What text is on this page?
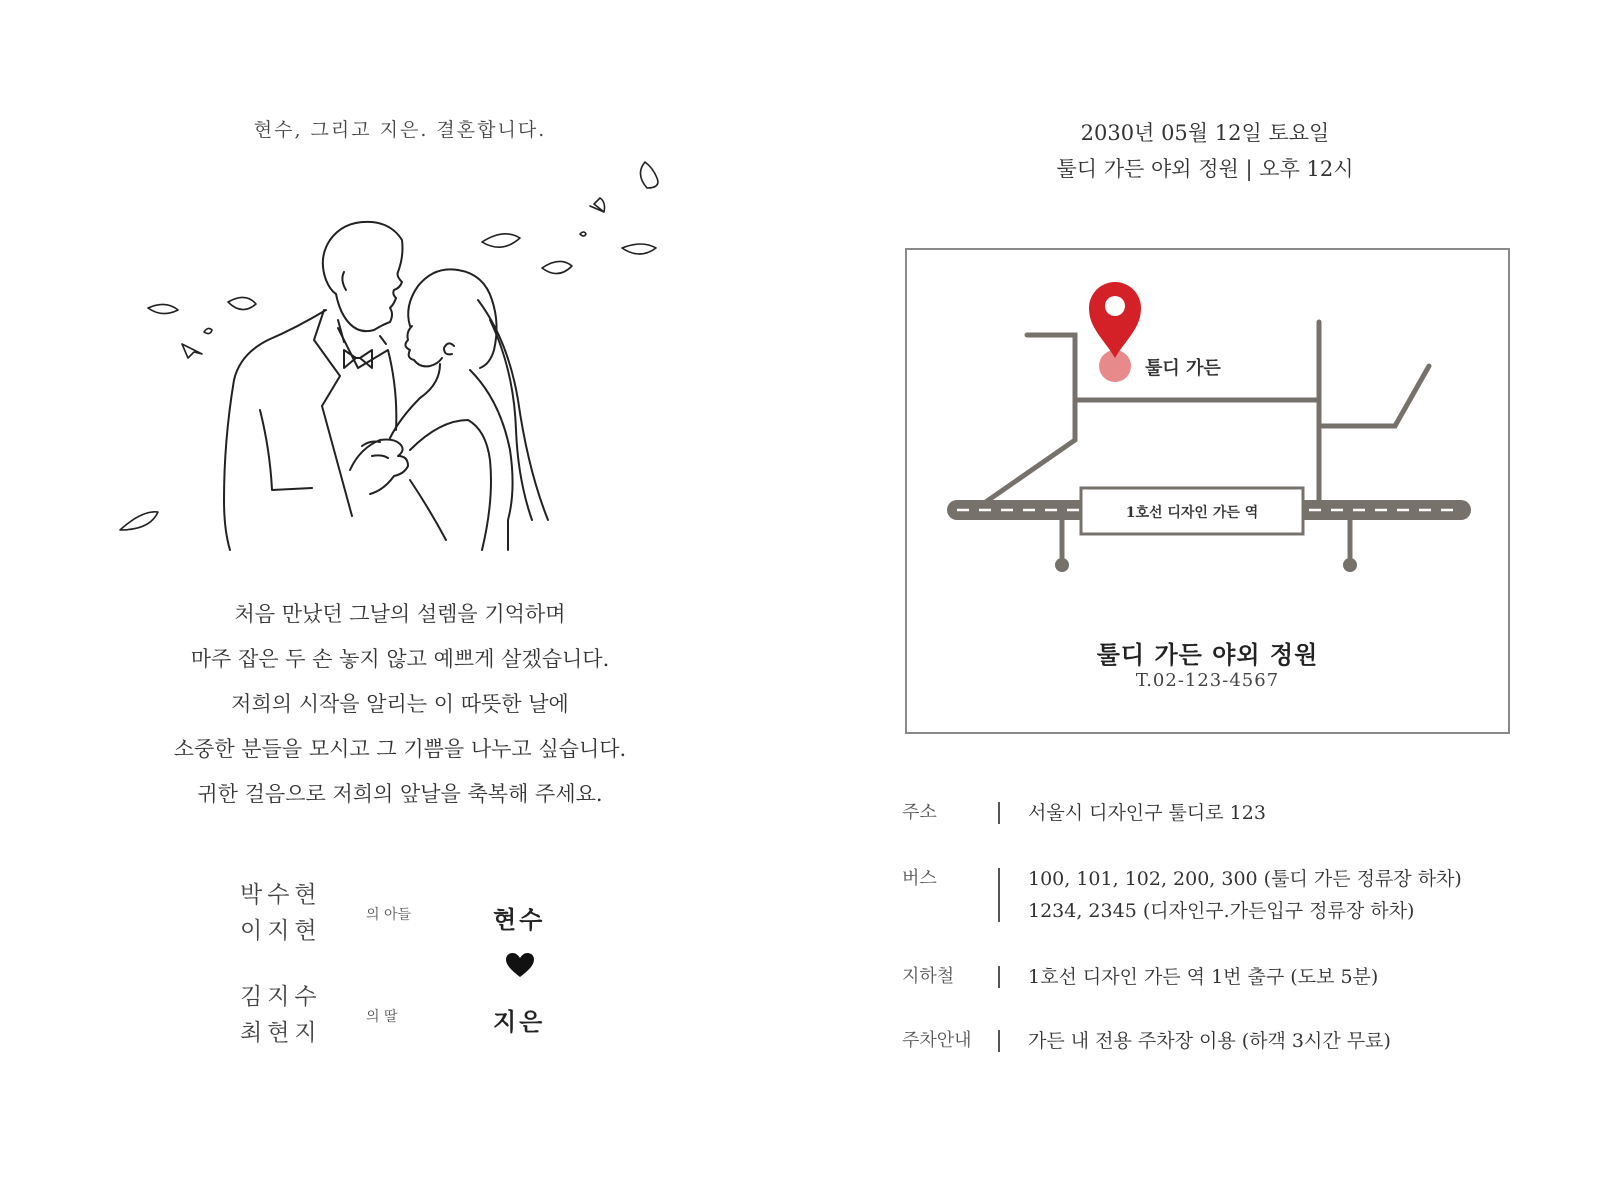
현수, 그리고 지은. 결혼합니다.
처음 만났던 그날의 설렘을 기억하며
마주 잡은 두 손 놓지 않고 예쁘게 살겠습니다.
저희의 시작을 알리는 이 따뜻한 날에
소중한 분들을 모시고 그 기쁨을 나누고 싶습니다.
귀한 걸음으로 저희의 앞날을 축복해 주세요.
박수현
이지현
의 아들	현수
김지수
최현지
의 딸	지은
2030년 05월 12일 토요일
툴디 가든 야외 정원 | 오후 12시
1호선 디자인 가든 역
툴디 가든
툴디 가든 야외 정원
T.02-123-4567
주소	서울시 디자인구 툴디로 123
버스	100, 101, 102, 200, 300 (툴디 가든 정류장 하차)
1234, 2345 (디자인구.가든입구 정류장 하차)
지하철	1호선 디자인 가든 역 1번 출구 (도보 5분)
주차안내	가든 내 전용 주차장 이용 (하객 3시간 무료)
